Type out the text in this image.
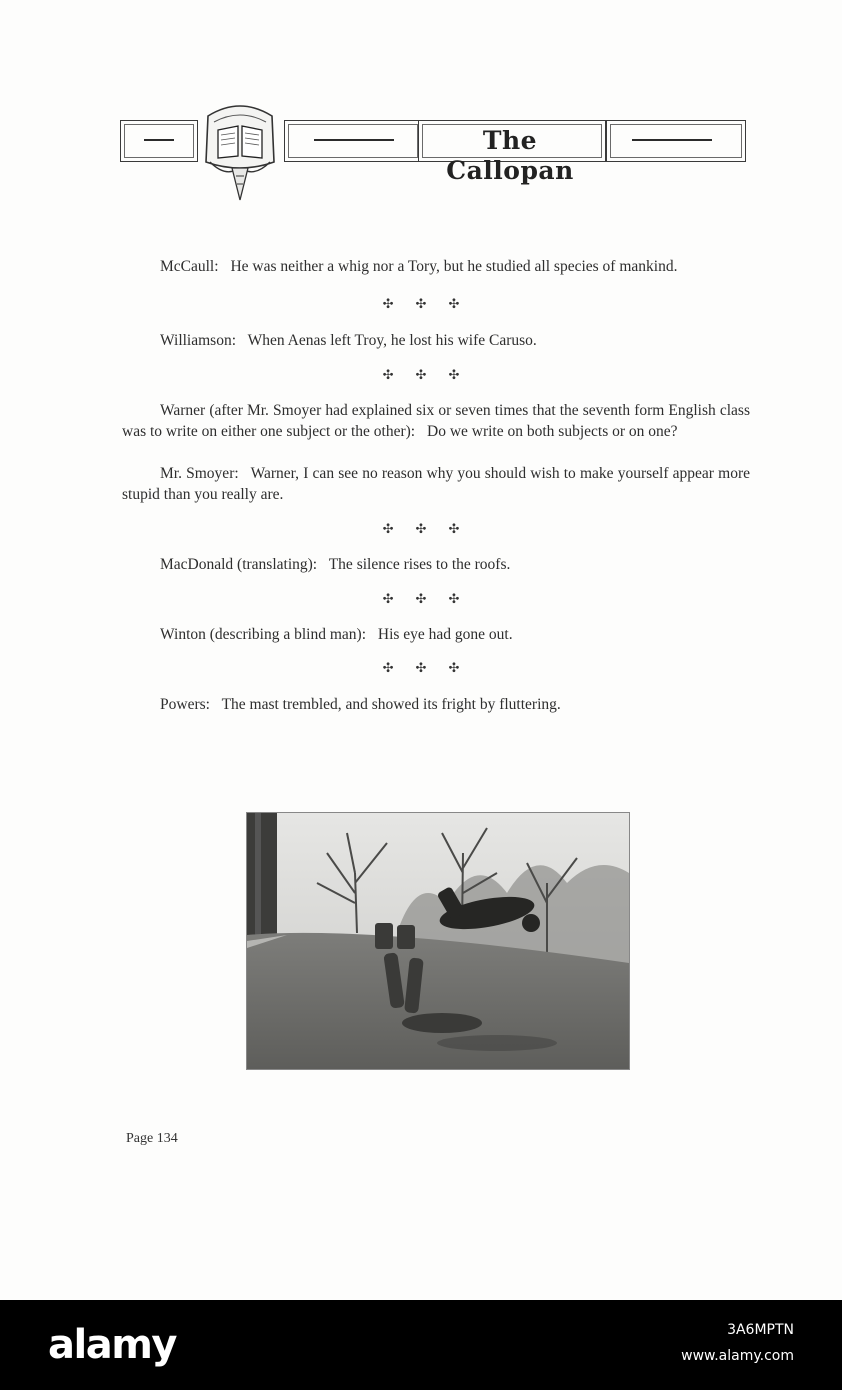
The Callopan
McCaull: He was neither a whig nor a Tory, but he studied all species of mankind.
✣✣✣
Williamson: When Aenas left Troy, he lost his wife Caruso.
✣✣✣
Warner (after Mr. Smoyer had explained six or seven times that the seventh form English class was to write on either one subject or the other): Do we write on both subjects or on one?
Mr. Smoyer: Warner, I can see no reason why you should wish to make yourself appear more stupid than you really are.
✣✣✣
MacDonald (translating): The silence rises to the roofs.
✣✣✣
Winton (describing a blind man): His eye had gone out.
✣✣✣
Powers: The mast trembled, and showed its fright by fluttering.
Page 134
alamy	3A6MPTN
www.alamy.com
